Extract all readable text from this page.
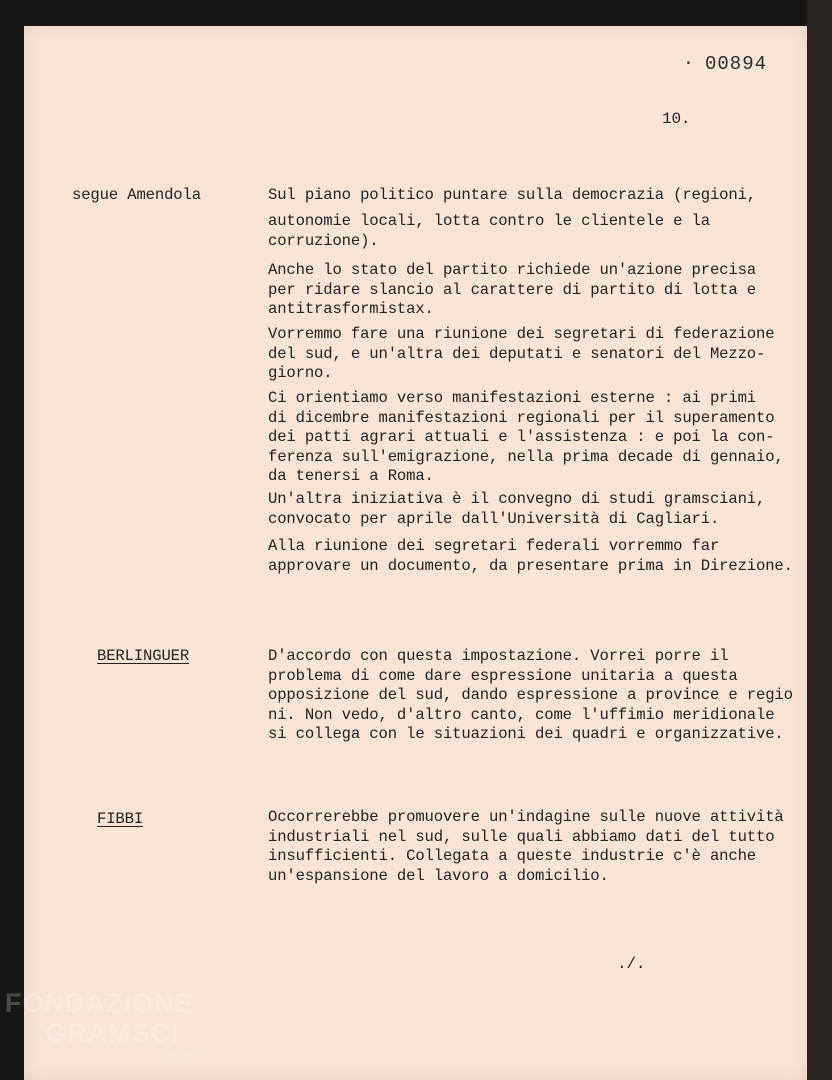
· 00894
10.
segue Amendola	Sul piano politico puntare sulla democrazia (regioni,
autonomie locali, lotta contro le clientele e la
corruzione).
Anche lo stato del partito richiede un'azione precisa
per ridare slancio al carattere di partito di lotta e
antitrasformistax.
Vorremmo fare una riunione dei segretari di federazione
del sud, e un'altra dei deputati e senatori del Mezzo-
giorno.
Ci orientiamo verso manifestazioni esterne : ai primi
di dicembre manifestazioni regionali per il superamento
dei patti agrari attuali e l'assistenza : e poi la con-
ferenza sull'emigrazione, nella prima decade di gennaio,
da tenersi a Roma.
Un'altra iniziativa è il convegno di studi gramsciani,
convocato per aprile dall'Università di Cagliari.
Alla riunione dei segretari federali vorremmo far
approvare un documento, da presentare prima in Direzione.
BERLINGUER	D'accordo con questa impostazione. Vorrei porre il
problema di come dare espressione unitaria a questa
opposizione del sud, dando espressione a province e regio
ni. Non vedo, d'altro canto, come l'uffimio meridionale
si collega con le situazioni dei quadri e organizzative.
FIBBI	Occorrerebbe promuovere un'indagine sulle nuove attività
industriali nel sud, sulle quali abbiamo dati del tutto
insufficienti. Collegata a queste industrie c'è anche
un'espansione del lavoro a domicilio.
./.
FONDAZIONE
GRAMSCI
onlus
